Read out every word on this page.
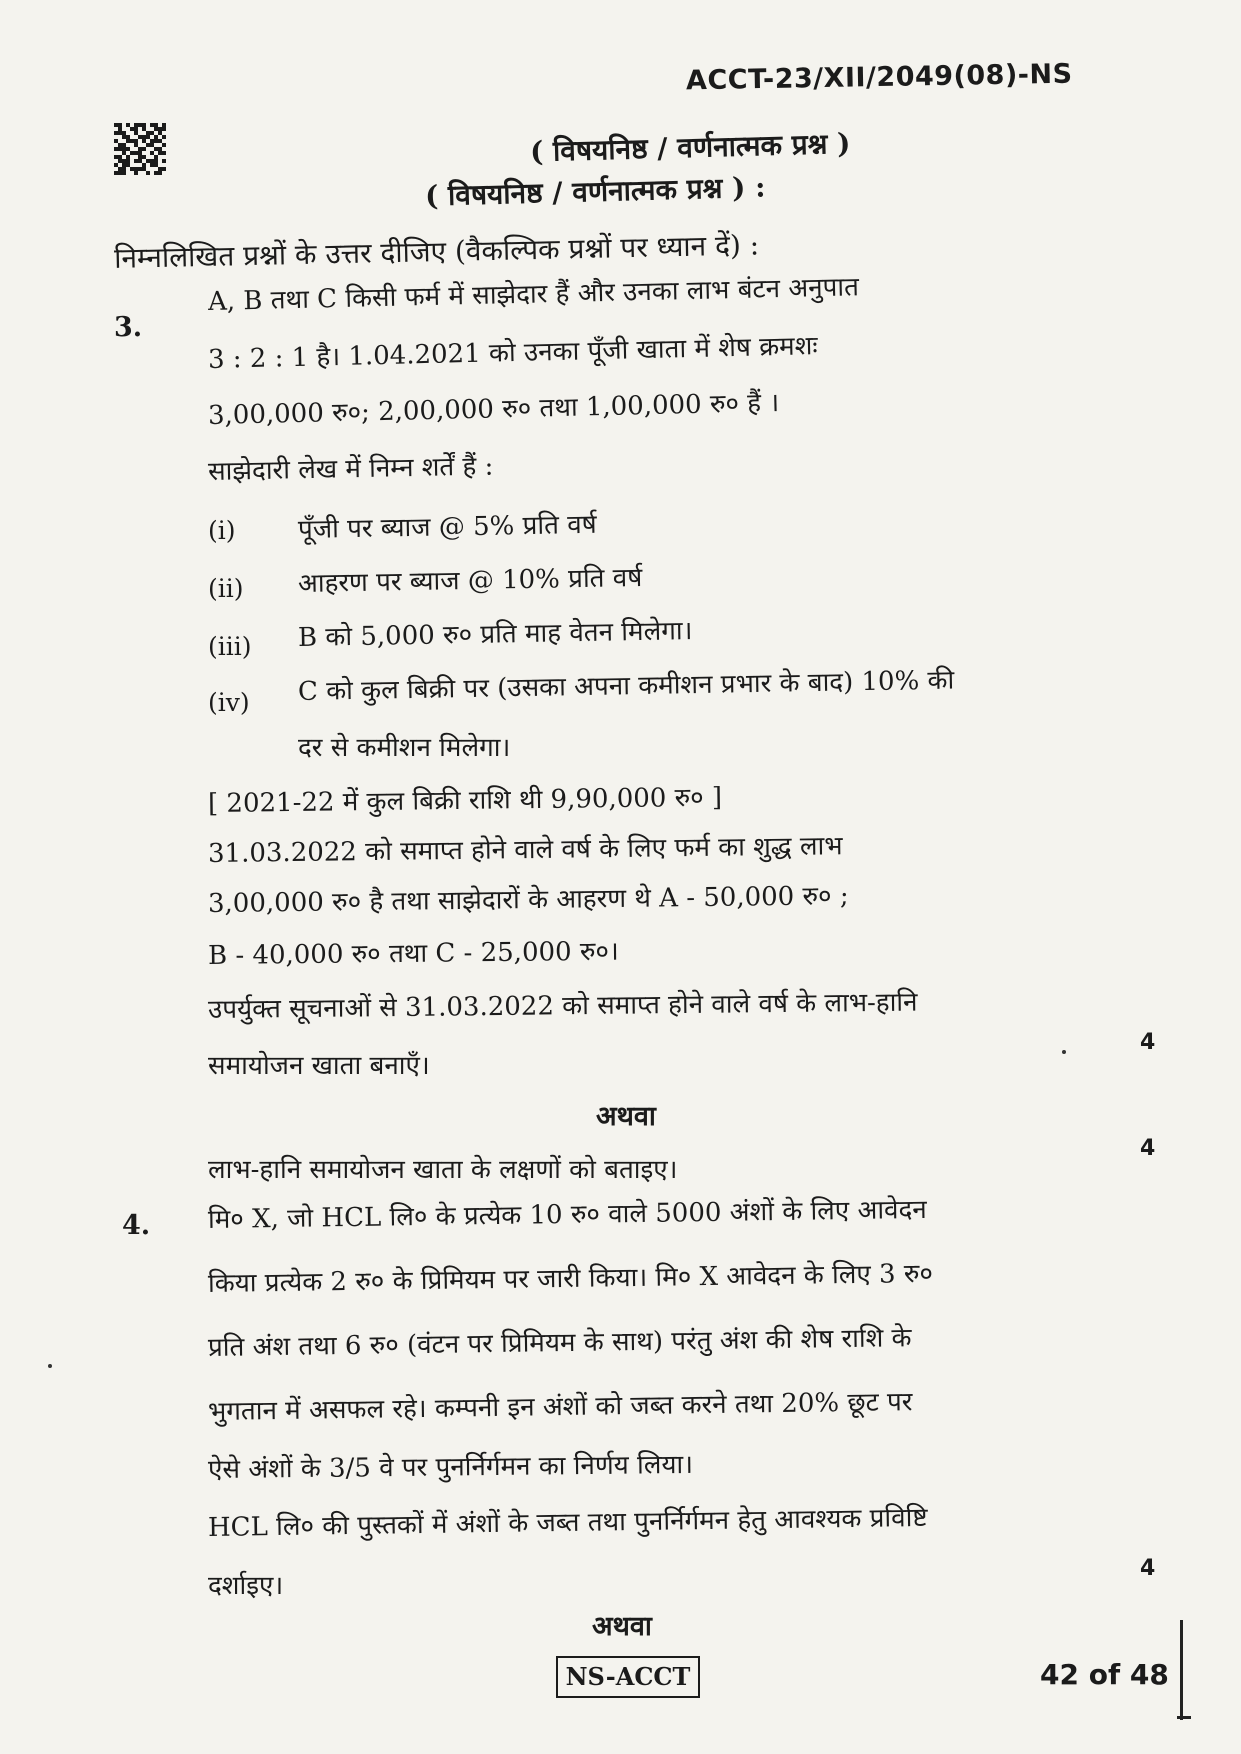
ACCT-23/XII/2049(08)-NS
( विषयनिष्ठ / वर्णनात्मक प्रश्न )
( विषयनिष्ठ / वर्णनात्मक प्रश्न ) :
निम्नलिखित प्रश्नों के उत्तर दीजिए (वैकल्पिक प्रश्नों पर ध्यान दें) :
3.
A, B तथा C किसी फर्म में साझेदार हैं और उनका लाभ बंटन अनुपात
3 : 2 : 1 है। 1.04.2021 को उनका पूँजी खाता में शेष क्रमशः
3,00,000 रु०; 2,00,000 रु० तथा 1,00,000 रु० हैं ।
साझेदारी लेख में निम्न शर्तें हैं :
(i) पूँजी पर ब्याज @ 5% प्रति वर्ष
(ii) आहरण पर ब्याज @ 10% प्रति वर्ष
(iii) B को 5,000 रु० प्रति माह वेतन मिलेगा।
(iv) C को कुल बिक्री पर (उसका अपना कमीशन प्रभार के बाद) 10% की
दर से कमीशन मिलेगा।
[ 2021-22 में कुल बिक्री राशि थी 9,90,000 रु० ]
31.03.2022 को समाप्त होने वाले वर्ष के लिए फर्म का शुद्ध लाभ
3,00,000 रु० है तथा साझेदारों के आहरण थे A - 50,000 रु० ;
B - 40,000 रु० तथा C - 25,000 रु०।
उपर्युक्त सूचनाओं से 31.03.2022 को समाप्त होने वाले वर्ष के लाभ-हानि
समायोजन खाता बनाएँ।
4
अथवा
लाभ-हानि समायोजन खाता के लक्षणों को बताइए।
4
4. मि० X, जो HCL लि० के प्रत्येक 10 रु० वाले 5000 अंशों के लिए आवेदन
किया प्रत्येक 2 रु० के प्रिमियम पर जारी किया। मि० X आवेदन के लिए 3 रु०
प्रति अंश तथा 6 रु० (वंटन पर प्रिमियम के साथ) परंतु अंश की शेष राशि के
भुगतान में असफल रहे। कम्पनी इन अंशों को जब्त करने तथा 20% छूट पर
ऐसे अंशों के 3/5 वे पर पुनर्निर्गमन का निर्णय लिया।
HCL लि० की पुस्तकों में अंशों के जब्त तथा पुनर्निर्गमन हेतु आवश्यक प्रविष्टि
दर्शाइए।
4
अथवा
NS-ACCT	42 of 48
